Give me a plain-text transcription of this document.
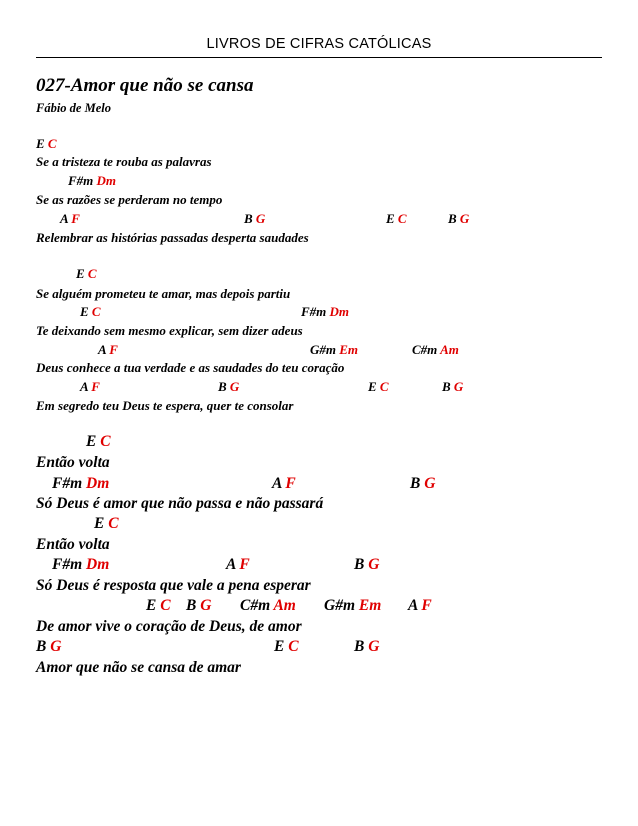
LIVROS DE CIFRAS CATÓLICAS
027-Amor que não se cansa
Fábio de Melo
E C
Se a tristeza te rouba as palavras
F#m Dm
Se as razões se perderam no tempo
A F	B G	E C	B G
Relembrar as histórias passadas desperta saudades
E C
Se alguém prometeu te amar, mas depois partiu
E C	F#m Dm
Te deixando sem mesmo explicar, sem dizer adeus
A F	G#m Em	C#m Am
Deus conhece a tua verdade e as saudades do teu coração
A F	B G	E C	B G
Em segredo teu Deus te espera, quer te consolar
E C
Então volta
F#m Dm	A F	B G
Só Deus é amor que não passa e não passará
E C
Então volta
F#m Dm	A F	B G
Só Deus é resposta que vale a pena esperar
E C B G C#m Am G#m Em A F
De amor vive o coração de Deus, de amor
B G	E C	B G
Amor que não se cansa de amar
